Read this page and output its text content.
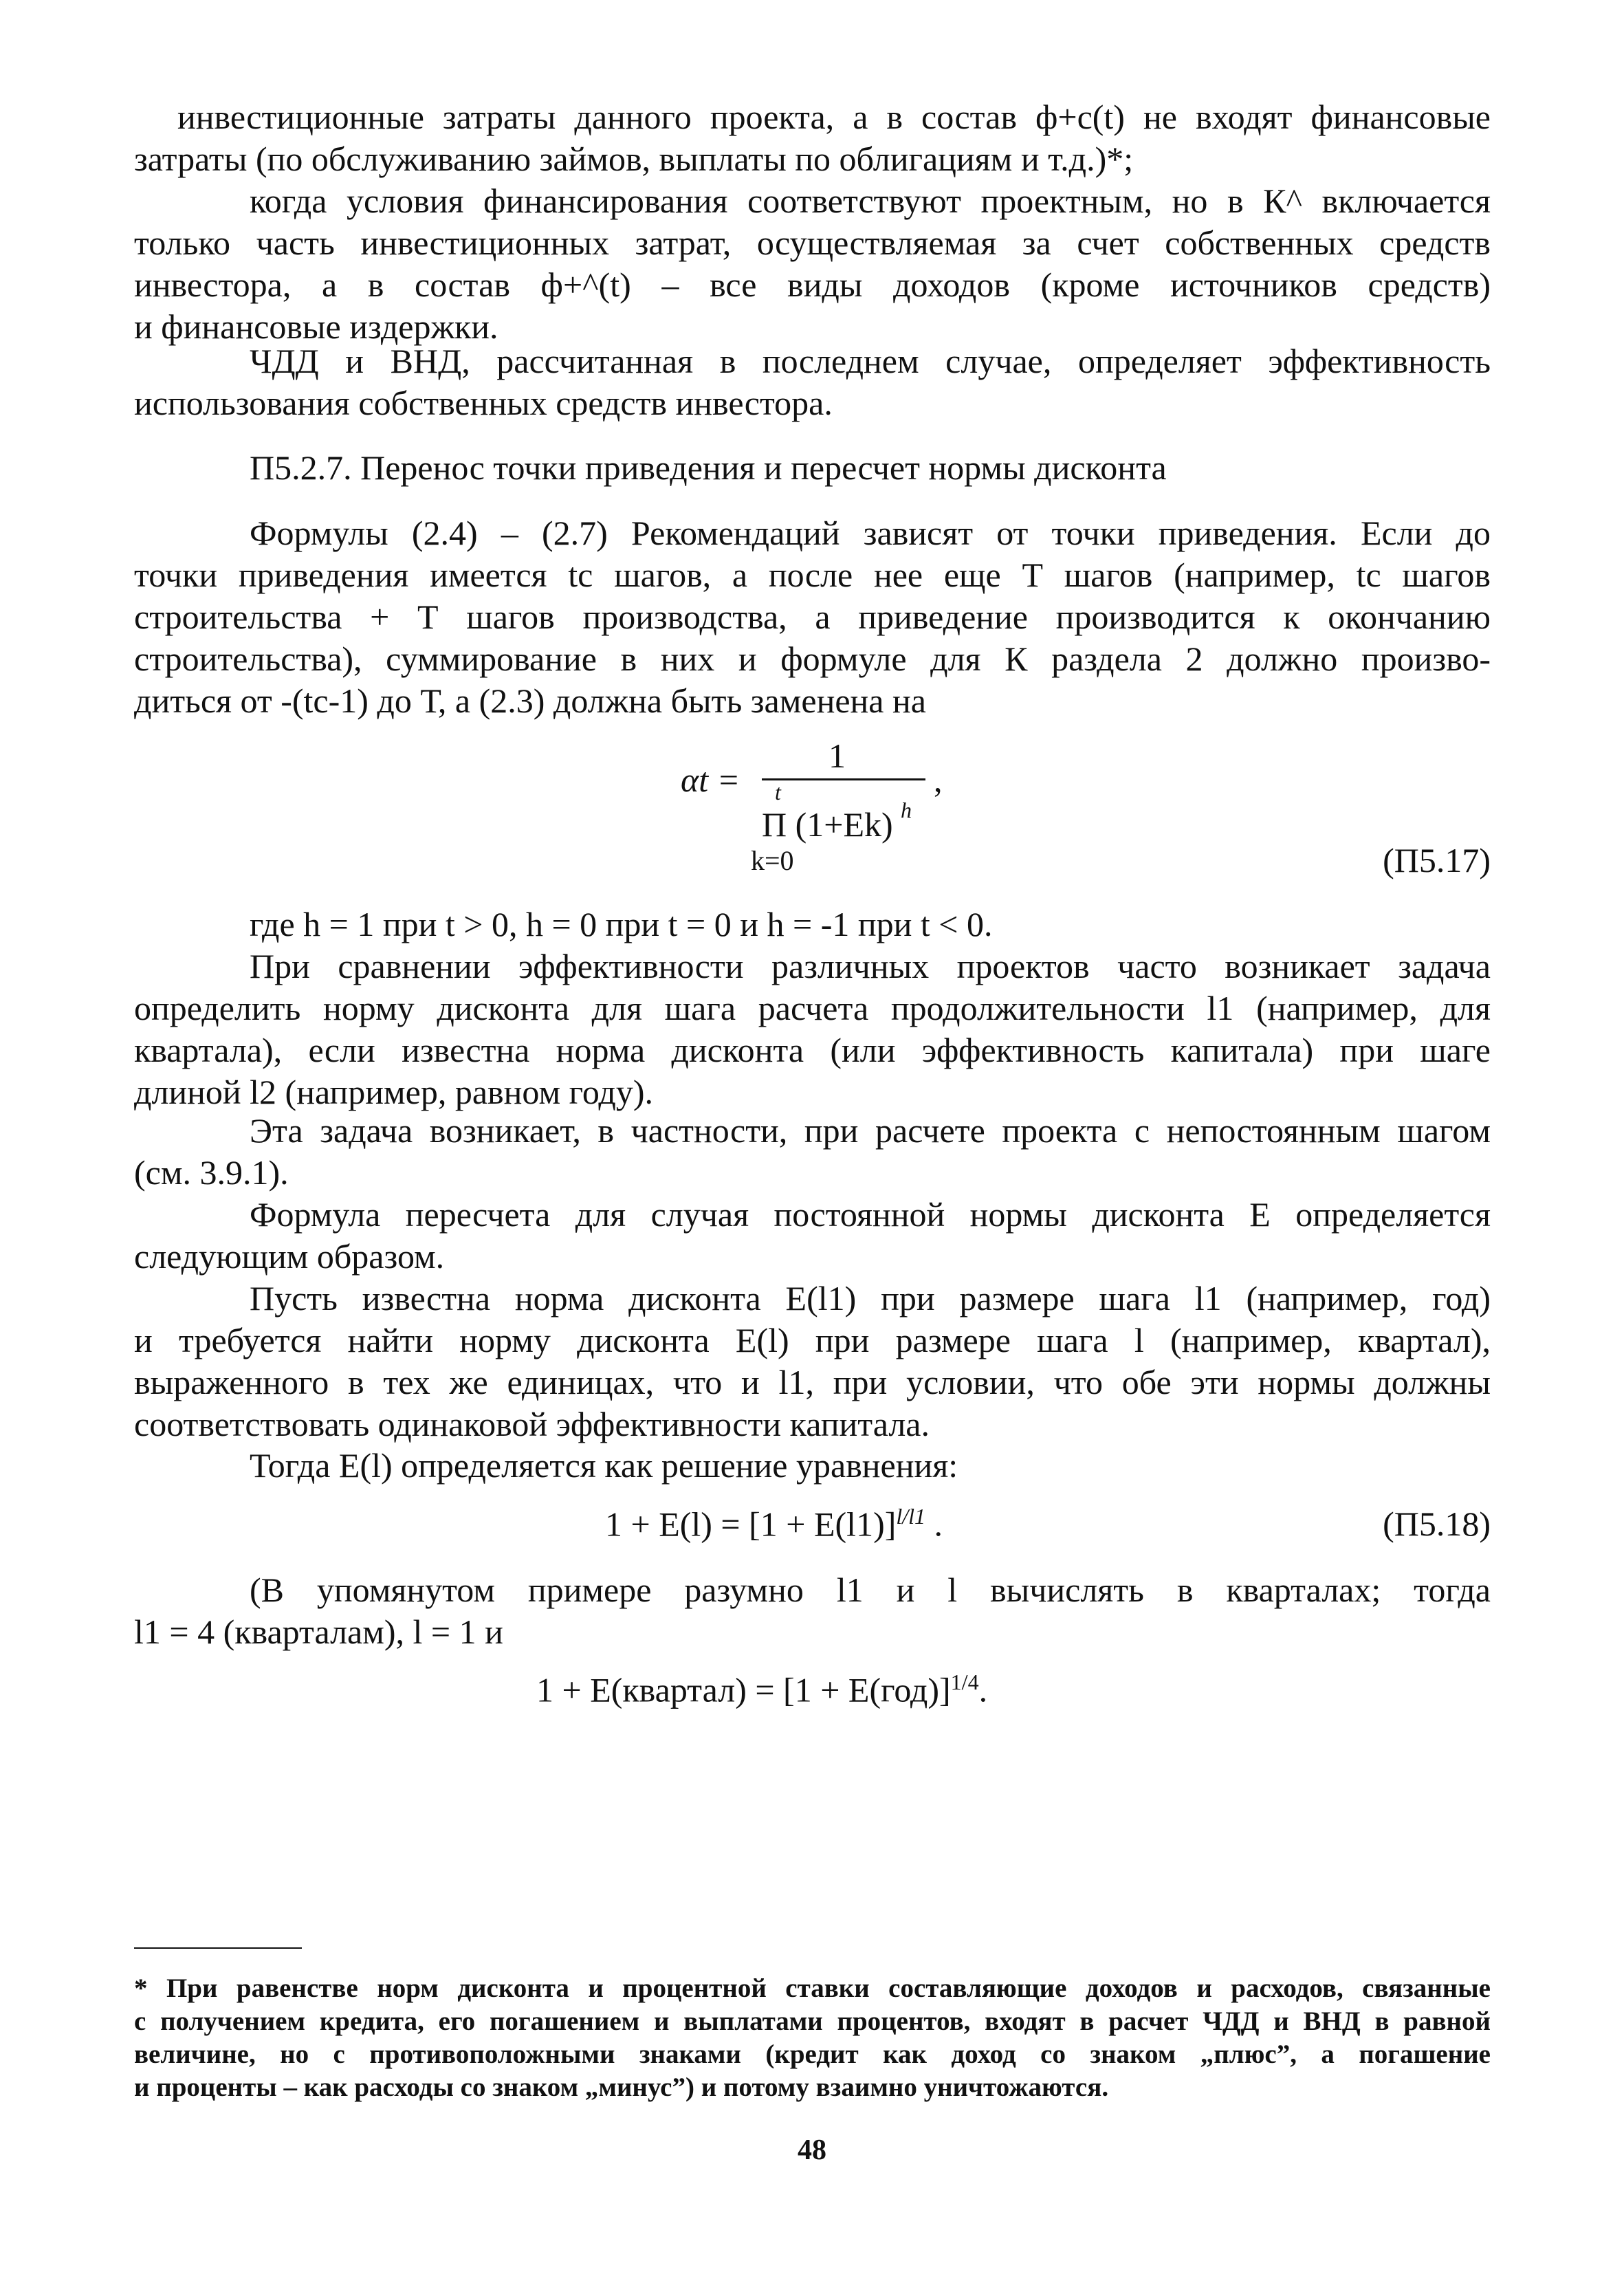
инвестиционные затраты данного проекта, а в состав ф+с(t) не входят финансовые
затраты (по обслуживанию займов, выплаты по облигациям и т.д.)*;
когда условия финансирования соответствуют проектным, но в К^ включается
только часть инвестиционных затрат, осуществляемая за счет собственных средств
инвестора, а в состав ф+^(t) – все виды доходов (кроме источников средств)
и финансовые издержки.
ЧДД и ВНД, рассчитанная в последнем случае, определяет эффективность
использования собственных средств инвестора.
П5.2.7. Перенос точки приведения и пересчет нормы дисконта
Формулы (2.4) – (2.7) Рекомендаций зависят от точки приведения. Если до
точки приведения имеется tc шагов, а после нее еще Т шагов (например, tc шагов
строительства + Т шагов производства, а приведение производится к окончанию
строительства), суммирование в них и формуле для К раздела 2 должно произво-
диться от -(tc-1) до Т, а (2.3) должна быть заменена на
αt =
1
,
t
Π (1+Ek) h
k=0	(П5.17)
где h = 1 при t > 0, h = 0 при t = 0 и h = -1 при t < 0.
При сравнении эффективности различных проектов часто возникает задача
определить норму дисконта для шага расчета продолжительности l1 (например, для
квартала), если известна норма дисконта (или эффективность капитала) при шаге
длиной l2 (например, равном году).
Эта задача возникает, в частности, при расчете проекта с непостоянным шагом
(см. 3.9.1).
Формула пересчета для случая постоянной нормы дисконта Е определяется
следующим образом.
Пусть известна норма дисконта Е(l1) при размере шага l1 (например, год)
и требуется найти норму дисконта Е(l) при размере шага l (например, квартал),
выраженного в тех же единицах, что и l1, при условии, что обе эти нормы должны
соответствовать одинаковой эффективности капитала.
Тогда Е(l) определяется как решение уравнения:
$1 + E(l) = [1 + E(l1)]^{l/l1}$ .	(П5.18)
(В упомянутом примере разумно l1 и l вычислять в кварталах; тогда
l1 = 4 (кварталам), l = 1 и
1 + E(квартал) = $[1 + E(год)]^{1/4}$.
* При равенстве норм дисконта и процентной ставки составляющие доходов и расходов, связанные
с получением кредита, его погашением и выплатами процентов, входят в расчет ЧДД и ВНД в равной
величине, но с противоположными знаками (кредит как доход со знаком „плюс”, а погашение
и проценты – как расходы со знаком „минус”) и потому взаимно уничтожаются.
48
